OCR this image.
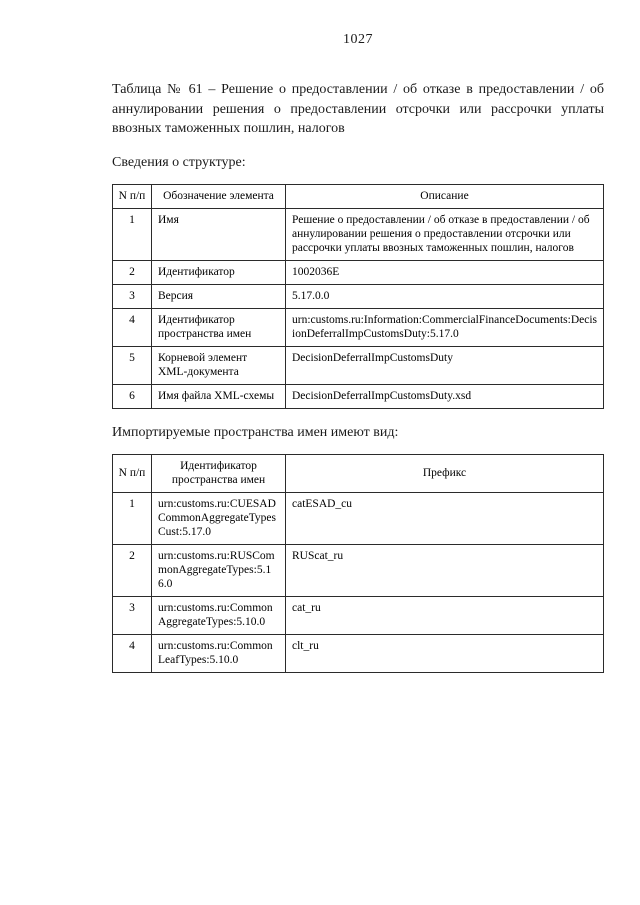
1027

Таблица № 61 – Решение о предоставлении / об отказе в предоставлении / об аннулировании решения о предоставлении отсрочки или рассрочки уплаты ввозных таможенных пошлин, налогов

Сведения о структуре:

N п/п	Обозначение элемента	Описание
1	Имя	Решение о предоставлении / об отказе в предоставлении / об аннулировании решения о предоставлении отсрочки или рассрочки уплаты ввозных таможенных пошлин, налогов
2	Идентификатор	1002036E
3	Версия	5.17.0.0
4	Идентификатор пространства имен	urn:customs.ru:Information:CommercialFinanceDocuments:DecisionDeferralImpCustomsDuty:5.17.0
5	Корневой элемент XML-документа	DecisionDeferralImpCustomsDuty
6	Имя файла XML-схемы	DecisionDeferralImpCustomsDuty.xsd

Импортируемые пространства имен имеют вид:

N п/п	Идентификатор пространства имен	Префикс
1	urn:customs.ru:CUESADCommonAggregateTypesCust:5.17.0	catESAD_cu
2	urn:customs.ru:RUSCommonAggregateTypes:5.16.0	RUScat_ru
3	urn:customs.ru:CommonAggregateTypes:5.10.0	cat_ru
4	urn:customs.ru:CommonLeafTypes:5.10.0	clt_ru
